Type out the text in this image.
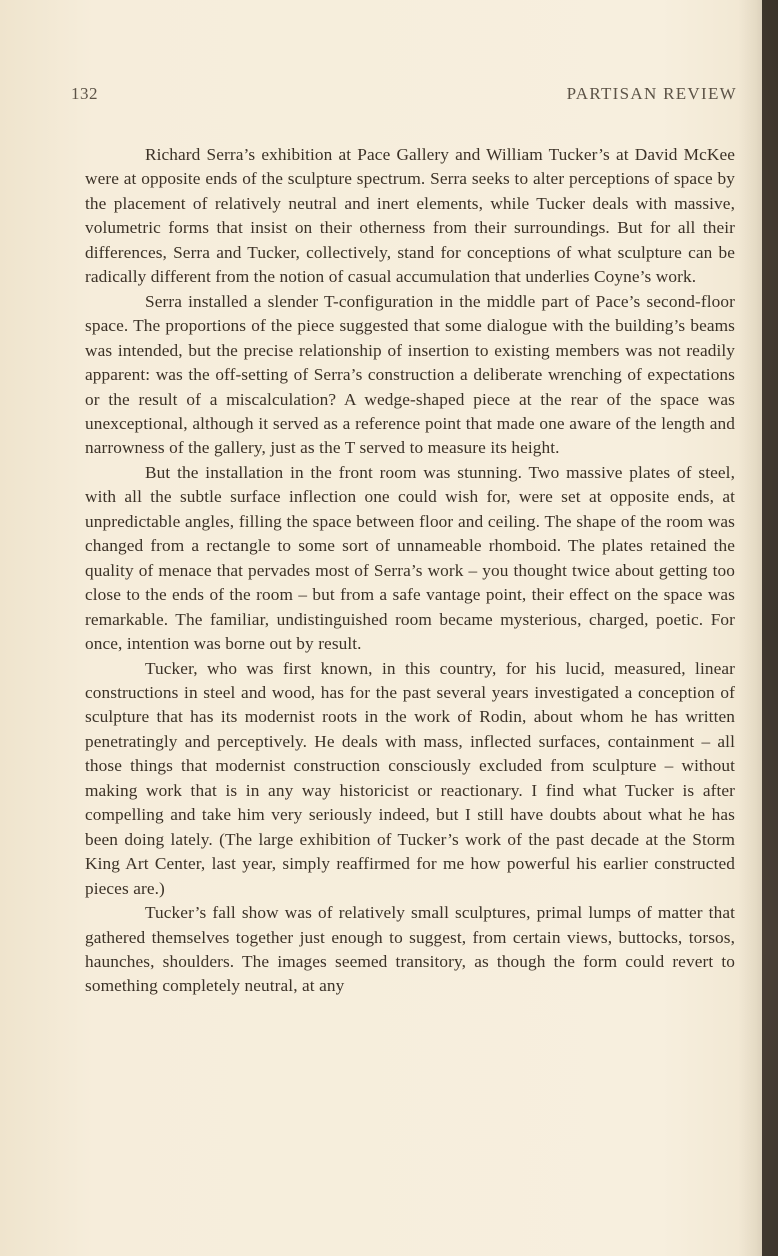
132	PARTISAN REVIEW

Richard Serra’s exhibition at Pace Gallery and William Tucker’s at David McKee were at opposite ends of the sculpture spectrum. Serra seeks to alter perceptions of space by the placement of relatively neutral and inert elements, while Tucker deals with massive, volumetric forms that insist on their otherness from their surroundings. But for all their differences, Serra and Tucker, collectively, stand for conceptions of what sculpture can be radically different from the notion of casual accumulation that underlies Coyne’s work.

Serra installed a slender T-configuration in the middle part of Pace’s second-floor space. The proportions of the piece suggested that some dialogue with the building’s beams was intended, but the precise relationship of insertion to existing members was not readily apparent: was the off-setting of Serra’s construction a deliberate wrenching of expectations or the result of a miscalculation? A wedge-shaped piece at the rear of the space was unexceptional, although it served as a reference point that made one aware of the length and narrowness of the gallery, just as the T served to measure its height.

But the installation in the front room was stunning. Two massive plates of steel, with all the subtle surface inflection one could wish for, were set at opposite ends, at unpredictable angles, filling the space between floor and ceiling. The shape of the room was changed from a rectangle to some sort of unnameable rhomboid. The plates retained the quality of menace that pervades most of Serra’s work – you thought twice about getting too close to the ends of the room – but from a safe vantage point, their effect on the space was remarkable. The familiar, undistinguished room became mysterious, charged, poetic. For once, intention was borne out by result.

Tucker, who was first known, in this country, for his lucid, measured, linear constructions in steel and wood, has for the past several years investigated a conception of sculpture that has its modernist roots in the work of Rodin, about whom he has written penetratingly and perceptively. He deals with mass, inflected surfaces, containment – all those things that modernist construction consciously excluded from sculpture – without making work that is in any way historicist or reactionary. I find what Tucker is after compelling and take him very seriously indeed, but I still have doubts about what he has been doing lately. (The large exhibition of Tucker’s work of the past decade at the Storm King Art Center, last year, simply reaffirmed for me how powerful his earlier constructed pieces are.)

Tucker’s fall show was of relatively small sculptures, primal lumps of matter that gathered themselves together just enough to suggest, from certain views, buttocks, torsos, haunches, shoulders. The images seemed transitory, as though the form could revert to something completely neutral, at any
